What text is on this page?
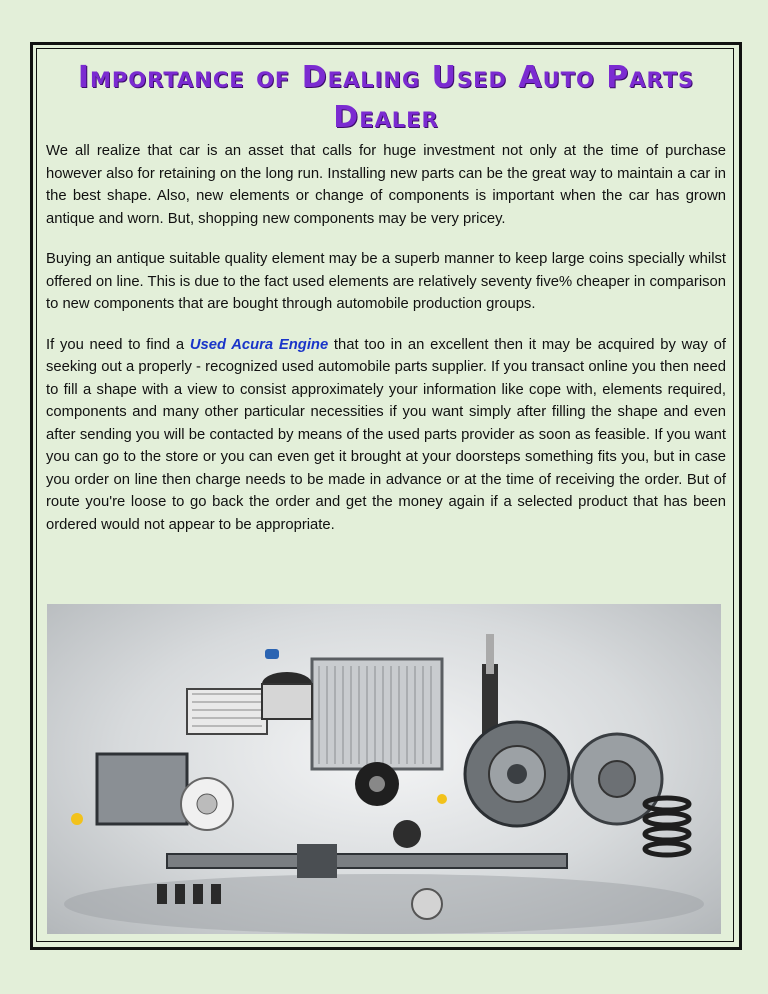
Importance of Dealing Used Auto Parts Dealer

We all realize that car is an asset that calls for huge investment not only at the time of purchase however also for retaining on the long run. Installing new parts can be the great way to maintain a car in the best shape. Also, new elements or change of components is important when the car has grown antique and worn. But, shopping new components may be very pricey.

Buying an antique suitable quality element may be a superb manner to keep large coins specially whilst offered on line. This is due to the fact used elements are relatively seventy five% cheaper in comparison to new components that are bought through automobile production groups.

If you need to find a Used Acura Engine that too in an excellent then it may be acquired by way of seeking out a properly - recognized used automobile parts supplier. If you transact online you then need to fill a shape with a view to consist approximately your information like cope with, elements required, components and many other particular necessities if you want simply after filling the shape and even after sending you will be contacted by means of the used parts provider as soon as feasible. If you want you can go to the store or you can even get it brought at your doorsteps something fits you, but in case you order on line then charge needs to be made in advance or at the time of receiving the order. But of route you're loose to go back the order and get the money again if a selected product that has been ordered would not appear to be appropriate.
